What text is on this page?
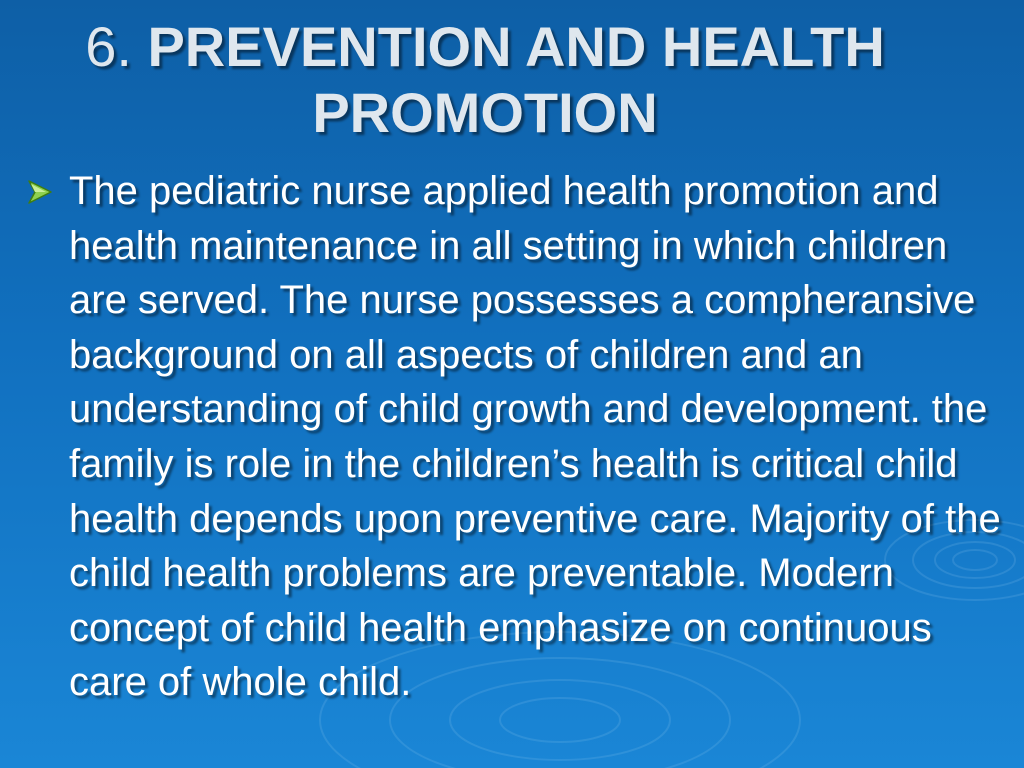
6. PREVENTION AND HEALTH PROMOTION

The pediatric nurse applied health promotion and health maintenance in all setting in which children are served. The nurse possesses a compheransive background on all aspects of children and an understanding of child growth and development. the family is role in the children’s health is critical child health depends upon preventive care. Majority of the child health problems are preventable. Modern concept of child health emphasize on continuous care of whole child.
